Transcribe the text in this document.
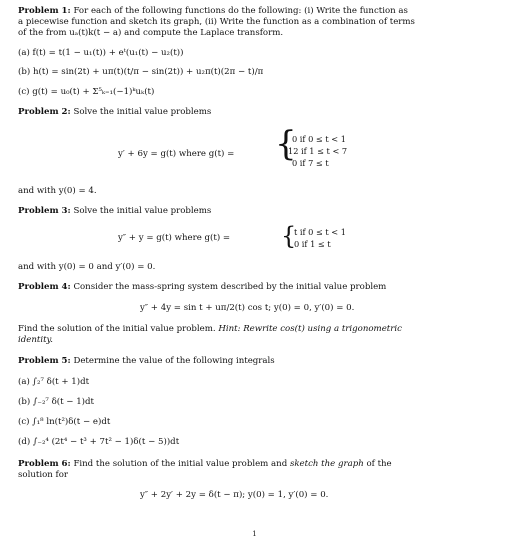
Problem 1: For each of the following functions do the following: (i) Write the function as
a piecewise function and sketch its graph, (ii) Write the function as a combination of terms
of the from uₐ(t)k(t − a) and compute the Laplace transform.
(a) f(t) = t(1 − u₁(t)) + eᵗ(u₁(t) − u₂(t))
(b) h(t) = sin(2t) + uπ(t)(t/π − sin(2t)) + u₂π(t)(2π − t)/π
(c) g(t) = u₀(t) + Σ⁵ₖ₌₁(−1)ᵏuₖ(t)
Problem 2: Solve the initial value problems
y′ + 6y = g(t) where g(t) = {
0 if 0 ≤ t < 1
12 if 1 ≤ t < 7
0 if 7 ≤ t
and with y(0) = 4.
Problem 3: Solve the initial value problems
y″ + y = g(t) where g(t) = {
t if 0 ≤ t < 1
0 if 1 ≤ t
and with y(0) = 0 and y′(0) = 0.
Problem 4: Consider the mass-spring system described by the initial value problem
y″ + 4y = sin t + uπ/2(t) cos t; y(0) = 0, y′(0) = 0.
Find the solution of the initial value problem. Hint: Rewrite cos(t) using a trigonometric
identity.
Problem 5: Determine the value of the following integrals
(a) ∫₂⁷ δ(t + 1)dt
(b) ∫₋₂⁷ δ(t − 1)dt
(c) ∫₁⁸ ln(t²)δ(t − e)dt
(d) ∫₋₂⁴ (2t⁴ − t³ + 7t² − 1)δ(t − 5))dt
Problem 6: Find the solution of the initial value problem and sketch the graph of the
solution for
y″ + 2y′ + 2y = δ(t − π); y(0) = 1, y′(0) = 0.
1
